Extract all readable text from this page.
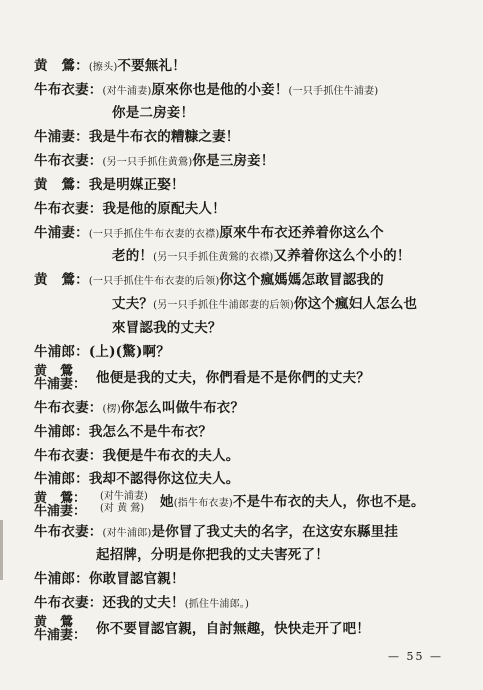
黄　鶯：(擦头)不要無礼！
牛布衣妻：(对牛浦妻)原來你也是他的小妾！(一只手抓住牛浦妻)
你是二房妾！
牛浦妻：我是牛布衣的糟糠之妻！
牛布衣妻：(另一只手抓住黄鶯)你是三房妾！
黄　鶯：我是明媒正娶！
牛布衣妻：我是他的原配夫人！
牛浦妻：(一只手抓住牛布衣妻的衣襟)原來牛布衣还养着你这么个
老的！(另一只手抓住黄鶯的衣襟)又养着你这么个小的！
黄　鶯：(一只手抓住牛布衣妻的后领)你这个瘋媽媽怎敢冒認我的
丈夫？(另一只手抓住牛浦郎妻的后领)你这个瘋妇人怎么也
來冒認我的丈夫？
牛浦郎：(上)(驚)啊？
黄　鶯
牛浦妻： 他便是我的丈夫，你們看是不是你們的丈夫？
牛布衣妻：(楞)你怎么叫做牛布衣？
牛浦郎：我怎么不是牛布衣？
牛布衣妻：我便是牛布衣的夫人。
牛浦郎：我却不認得你这位夫人。
黄　鶯：
牛浦妻：
(对牛浦妻)
(对 黄 鶯) 她(指牛布衣妻)不是牛布衣的夫人，你也不是。
牛布衣妻：(对牛浦郎)是你冒了我丈夫的名字，在这安东縣里挂
起招牌，分明是你把我的丈夫害死了！
牛浦郎：你敢冒認官親！
牛布衣妻：还我的丈夫！(抓住牛浦郎。)
黄　鶯
牛浦妻： 你不要冒認官親，自討無趣，快快走开了吧！
— 55 —
